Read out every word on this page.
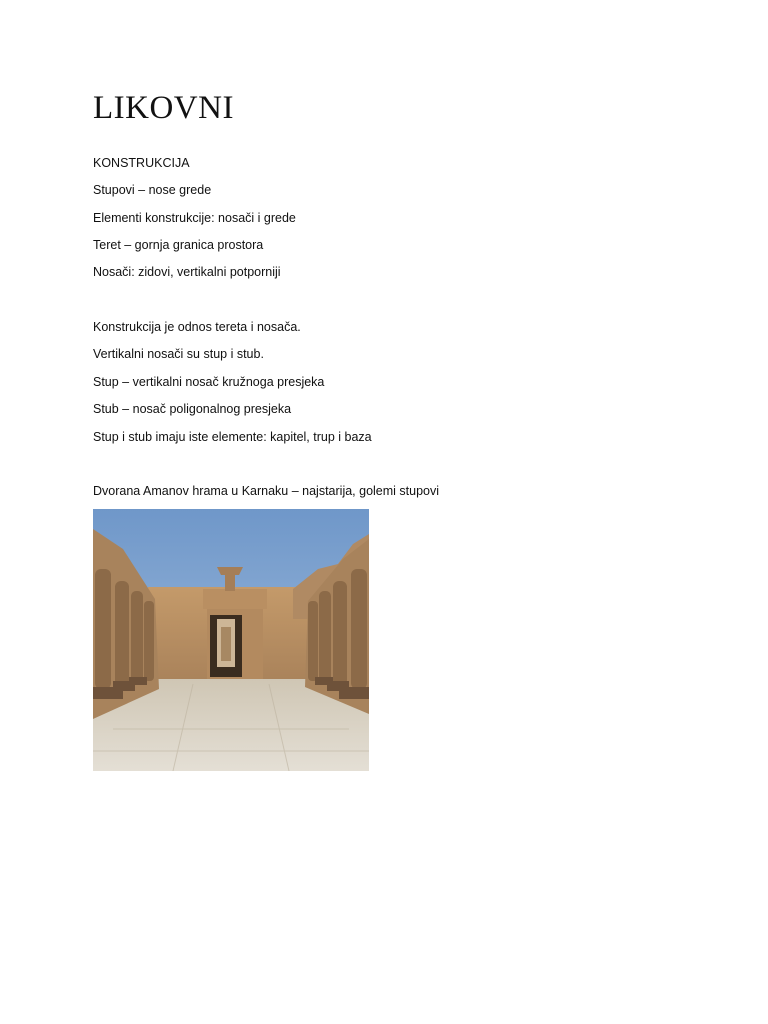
LIKOVNI
KONSTRUKCIJA
Stupovi – nose grede
Elementi konstrukcije: nosači i grede
Teret – gornja granica prostora
Nosači: zidovi, vertikalni potporniji
Konstrukcija je odnos tereta i nosača.
Vertikalni nosači su stup i stub.
Stup – vertikalni nosač kružnoga presjeka
Stub – nosač poligonalnog presjeka
Stup i stub imaju iste elemente: kapitel, trup i baza
Dvorana Amanov hrama u Karnaku – najstarija, golemi stupovi
